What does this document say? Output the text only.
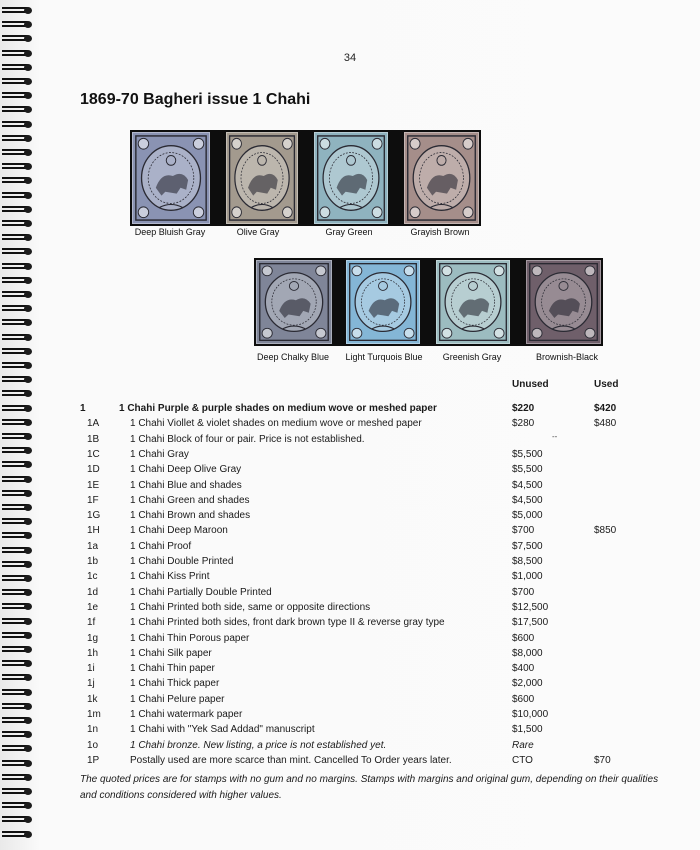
34
1869-70 Bagheri issue 1 Chahi
Deep Bluish Gray	Olive Gray	Gray Green	Grayish Brown
Deep Chalky Blue	Light Turquois Blue	Greenish Gray	Brownish-Black
Unused	Used
1	1 Chahi Purple & purple shades on medium wove or meshed paper	$220	$420
1A	1 Chahi Viollet & violet shades on medium wove or meshed paper	$280	$480
1B	1 Chahi Block of four or pair. Price is not established.
1C	1 Chahi Gray	$5,500
1D	1 Chahi Deep Olive Gray	$5,500
1E	1 Chahi Blue and shades	$4,500
1F	1 Chahi Green and shades	$4,500
1G	1 Chahi Brown and shades	$5,000
1H	1 Chahi Deep Maroon	$700	$850
1a	1 Chahi Proof	$7,500
1b	1 Chahi Double Printed	$8,500
1c	1 Chahi Kiss Print	$1,000
1d	1 Chahi Partially Double Printed	$700
1e	1 Chahi Printed both side, same or opposite directions	$12,500
1f	1 Chahi Printed both sides, front dark brown type II & reverse gray type	$17,500
1g	1 Chahi Thin Porous paper	$600
1h	1 Chahi Silk paper	$8,000
1i	1 Chahi Thin paper	$400
1j	1 Chahi Thick paper	$2,000
1k	1 Chahi Pelure paper	$600
1m	1 Chahi watermark paper	$10,000
1n	1 Chahi with "Yek Sad Addad" manuscript	$1,500
1o	1 Chahi bronze. New listing, a price is not established yet.	Rare
1P	Postally used are more scarce than mint. Cancelled To Order years later.	CTO	$70
--
The quoted prices are for stamps with no gum and no margins. Stamps with margins and original gum, depending on their qualities and conditions considered with higher values.
